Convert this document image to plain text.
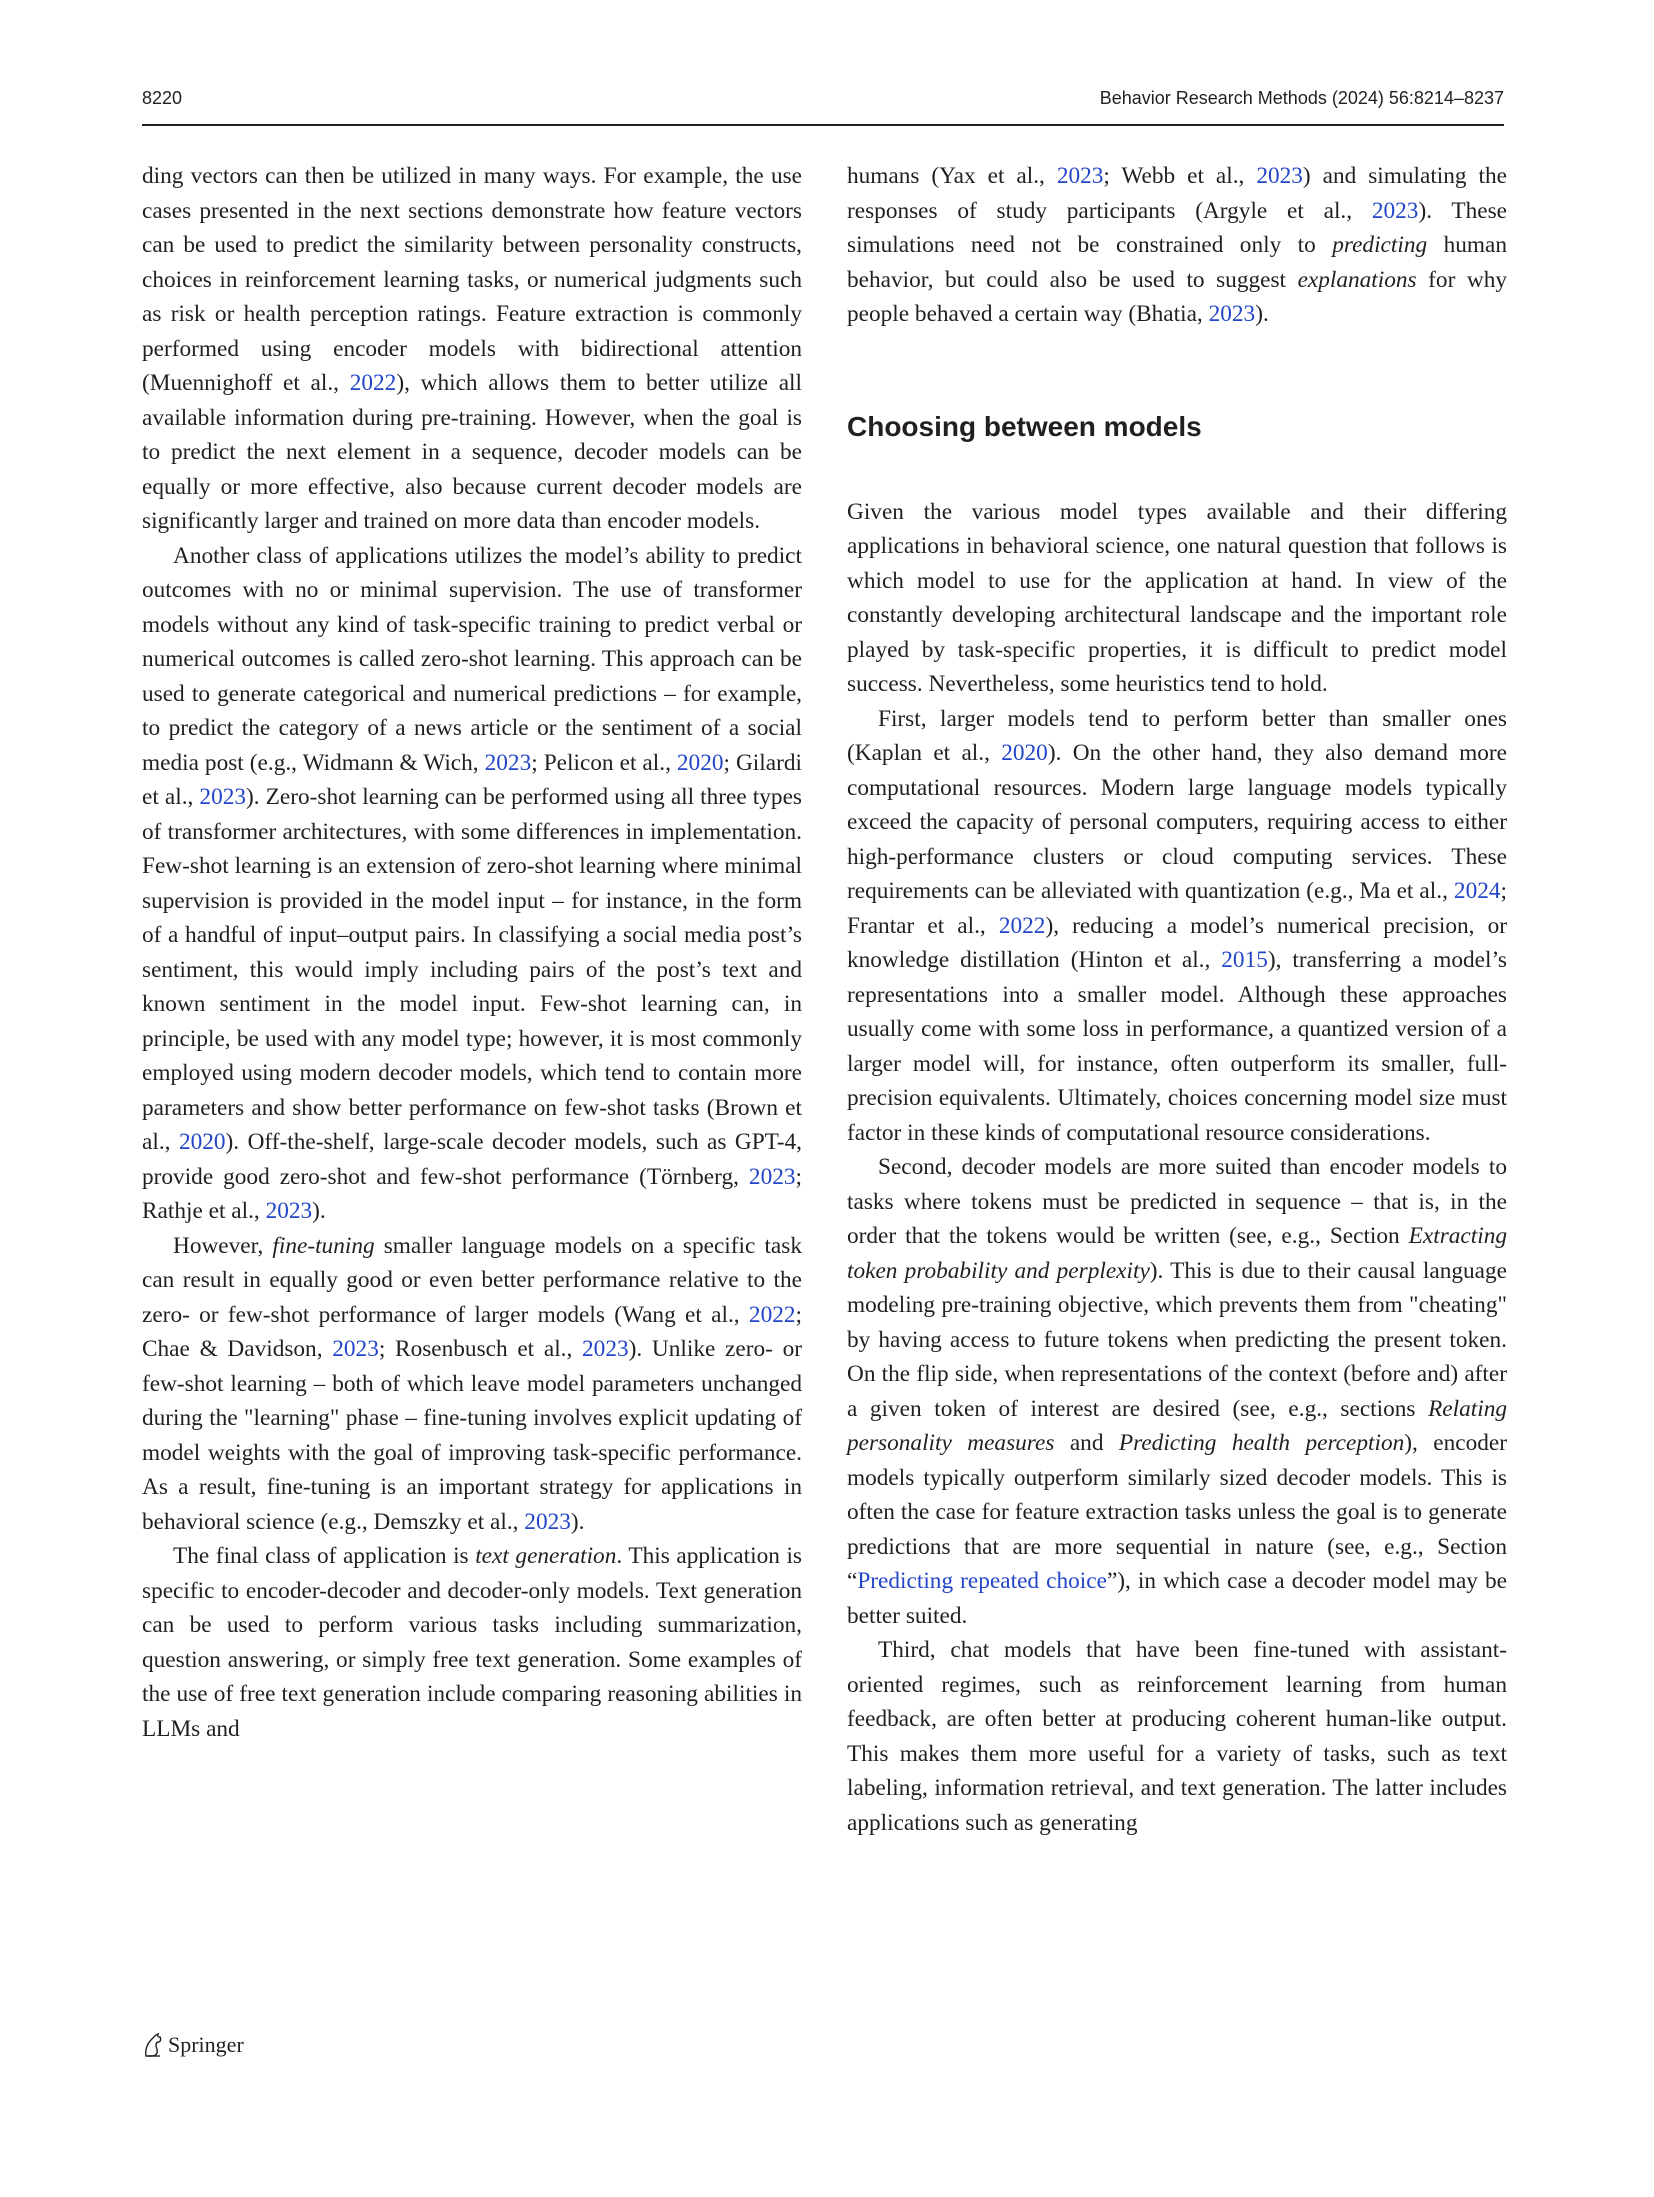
8220	Behavior Research Methods (2024) 56:8214–8237

ding vectors can then be utilized in many ways. For example, the use cases presented in the next sections demonstrate how feature vectors can be used to predict the similarity between personality constructs, choices in reinforcement learning tasks, or numerical judgments such as risk or health perception ratings. Feature extraction is commonly performed using encoder models with bidirectional attention (Muennighoff et al., 2022), which allows them to better utilize all available information during pre-training. However, when the goal is to predict the next element in a sequence, decoder models can be equally or more effective, also because current decoder models are significantly larger and trained on more data than encoder models.

Another class of applications utilizes the model’s ability to predict outcomes with no or minimal supervision. The use of transformer models without any kind of task-specific training to predict verbal or numerical outcomes is called zero-shot learning. This approach can be used to generate categorical and numerical predictions – for example, to predict the category of a news article or the sentiment of a social media post (e.g., Widmann & Wich, 2023; Pelicon et al., 2020; Gilardi et al., 2023). Zero-shot learning can be performed using all three types of transformer architectures, with some differences in implementation. Few-shot learning is an extension of zero-shot learning where minimal supervision is provided in the model input – for instance, in the form of a handful of input–output pairs. In classifying a social media post’s sentiment, this would imply including pairs of the post’s text and known sentiment in the model input. Few-shot learning can, in principle, be used with any model type; however, it is most commonly employed using modern decoder models, which tend to contain more parameters and show better performance on few-shot tasks (Brown et al., 2020). Off-the-shelf, large-scale decoder models, such as GPT-4, provide good zero-shot and few-shot performance (Törnberg, 2023; Rathje et al., 2023).

However, fine-tuning smaller language models on a specific task can result in equally good or even better performance relative to the zero- or few-shot performance of larger models (Wang et al., 2022; Chae & Davidson, 2023; Rosenbusch et al., 2023). Unlike zero- or few-shot learning – both of which leave model parameters unchanged during the "learning" phase – fine-tuning involves explicit updating of model weights with the goal of improving task-specific performance. As a result, fine-tuning is an important strategy for applications in behavioral science (e.g., Demszky et al., 2023).

The final class of application is text generation. This application is specific to encoder-decoder and decoder-only models. Text generation can be used to perform various tasks including summarization, question answering, or simply free text generation. Some examples of the use of free text generation include comparing reasoning abilities in LLMs and

humans (Yax et al., 2023; Webb et al., 2023) and simulating the responses of study participants (Argyle et al., 2023). These simulations need not be constrained only to predicting human behavior, but could also be used to suggest explanations for why people behaved a certain way (Bhatia, 2023).

Choosing between models

Given the various model types available and their differing applications in behavioral science, one natural question that follows is which model to use for the application at hand. In view of the constantly developing architectural landscape and the important role played by task-specific properties, it is difficult to predict model success. Nevertheless, some heuristics tend to hold.

First, larger models tend to perform better than smaller ones (Kaplan et al., 2020). On the other hand, they also demand more computational resources. Modern large language models typically exceed the capacity of personal computers, requiring access to either high-performance clusters or cloud computing services. These requirements can be alleviated with quantization (e.g., Ma et al., 2024; Frantar et al., 2022), reducing a model’s numerical precision, or knowledge distillation (Hinton et al., 2015), transferring a model’s representations into a smaller model. Although these approaches usually come with some loss in performance, a quantized version of a larger model will, for instance, often outperform its smaller, full-precision equivalents. Ultimately, choices concerning model size must factor in these kinds of computational resource considerations.

Second, decoder models are more suited than encoder models to tasks where tokens must be predicted in sequence – that is, in the order that the tokens would be written (see, e.g., Section Extracting token probability and perplexity). This is due to their causal language modeling pre-training objective, which prevents them from "cheating" by having access to future tokens when predicting the present token. On the flip side, when representations of the context (before and) after a given token of interest are desired (see, e.g., sections Relating personality measures and Predicting health perception), encoder models typically outperform similarly sized decoder models. This is often the case for feature extraction tasks unless the goal is to generate predictions that are more sequential in nature (see, e.g., Section “Predicting repeated choice”), in which case a decoder model may be better suited.

Third, chat models that have been fine-tuned with assistant-oriented regimes, such as reinforcement learning from human feedback, are often better at producing coherent human-like output. This makes them more useful for a variety of tasks, such as text labeling, information retrieval, and text generation. The latter includes applications such as generating

Springer
